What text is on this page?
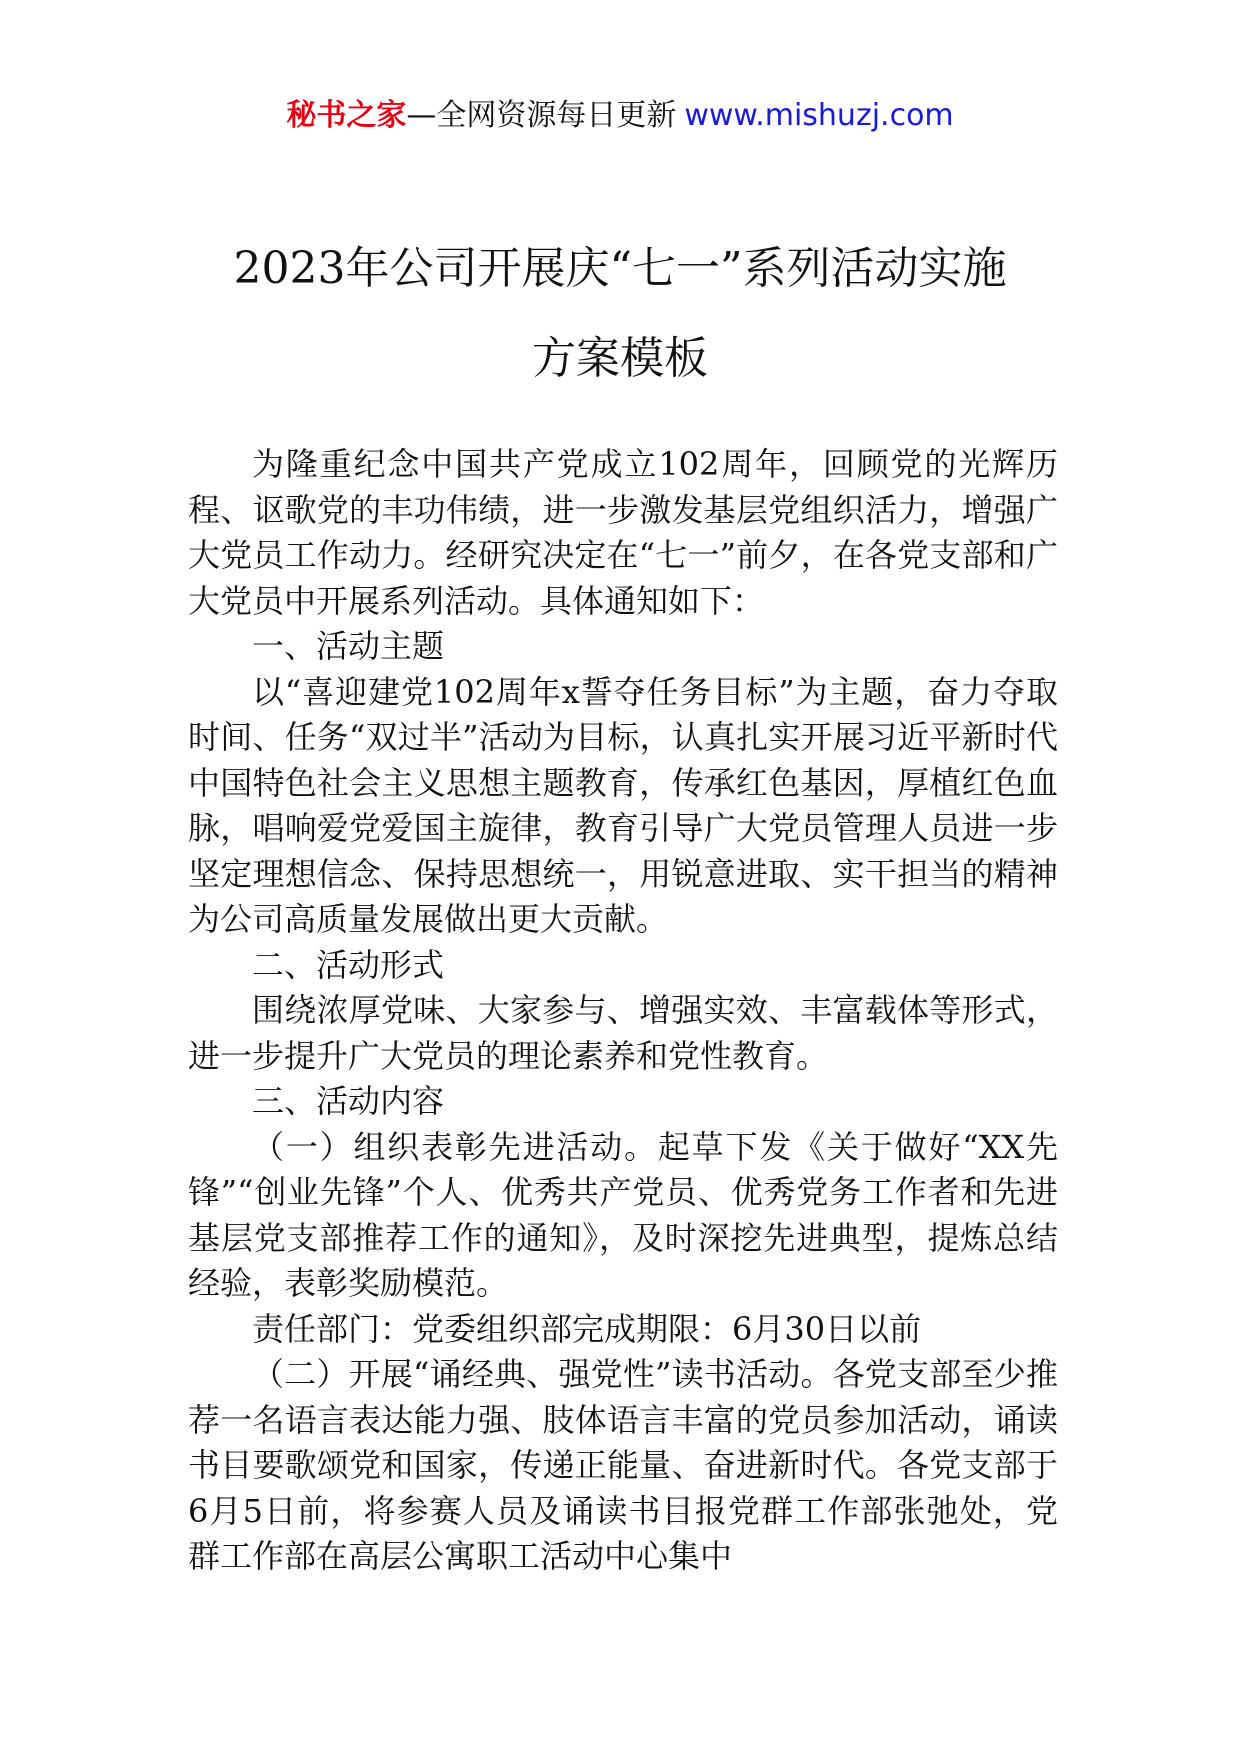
秘书之家—全网资源每日更新 www.mishuzj.com
2023年公司开展庆“七一”系列活动实施
方案模板

为隆重纪念中国共产党成立102周年，回顾党的光辉历程、讴歌党的丰功伟绩，进一步激发基层党组织活力，增强广大党员工作动力。经研究决定在“七一”前夕，在各党支部和广大党员中开展系列活动。具体通知如下：

一、活动主题

以“喜迎建党102周年x誓夺任务目标”为主题，奋力夺取时间、任务“双过半”活动为目标，认真扎实开展习近平新时代中国特色社会主义思想主题教育，传承红色基因，厚植红色血脉，唱响爱党爱国主旋律，教育引导广大党员管理人员进一步坚定理想信念、保持思想统一，用锐意进取、实干担当的精神为公司高质量发展做出更大贡献。

二、活动形式

围绕浓厚党味、大家参与、增强实效、丰富载体等形式，进一步提升广大党员的理论素养和党性教育。

三、活动内容

（一）组织表彰先进活动。起草下发《关于做好“XX先锋”“创业先锋”个人、优秀共产党员、优秀党务工作者和先进基层党支部推荐工作的通知》，及时深挖先进典型，提炼总结经验，表彰奖励模范。

责任部门：党委组织部完成期限：6月30日以前

（二）开展“诵经典、强党性”读书活动。各党支部至少推荐一名语言表达能力强、肢体语言丰富的党员参加活动，诵读书目要歌颂党和国家，传递正能量、奋进新时代。各党支部于6月5日前，将参赛人员及诵读书目报党群工作部张弛处，党群工作部在高层公寓职工活动中心集中
